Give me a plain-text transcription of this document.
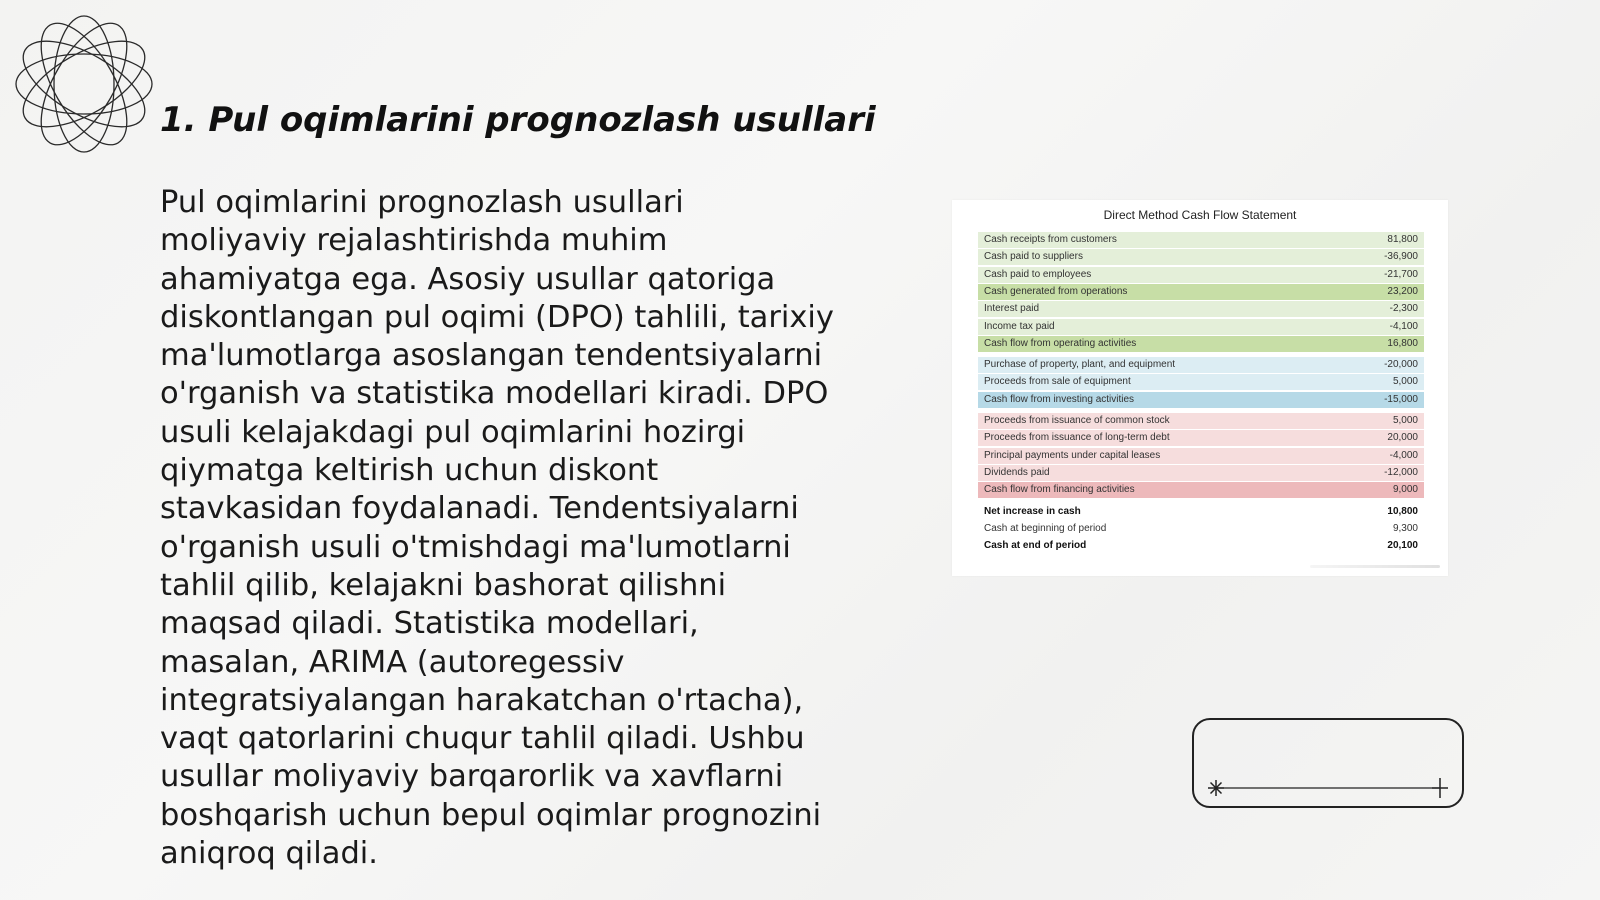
1. Pul oqimlarini prognozlash usullari

Pul oqimlarini prognozlash usullari moliyaviy rejalashtirishda muhim ahamiyatga ega. Asosiy usullar qatoriga diskontlangan pul oqimi (DPO) tahlili, tarixiy ma'lumotlarga asoslangan tendentsiyalarni o'rganish va statistika modellari kiradi. DPO usuli kelajakdagi pul oqimlarini hozirgi qiymatga keltirish uchun diskont stavkasidan foydalanadi. Tendentsiyalarni o'rganish usuli o'tmishdagi ma'lumotlarni tahlil qilib, kelajakni bashorat qilishni maqsad qiladi. Statistika modellari, masalan, ARIMA (autoregessiv integratsiyalangan harakatchan o'rtacha), vaqt qatorlarini chuqur tahlil qiladi. Ushbu usullar moliyaviy barqarorlik va xavflarni boshqarish uchun bepul oqimlar prognozini aniqroq qiladi.

Direct Method Cash Flow Statement
Cash receipts from customers	81,800
Cash paid to suppliers	-36,900
Cash paid to employees	-21,700
Cash generated from operations	23,200
Interest paid	-2,300
Income tax paid	-4,100
Cash flow from operating activities	16,800
Purchase of property, plant, and equipment	-20,000
Proceeds from sale of equipment	5,000
Cash flow from investing activities	-15,000
Proceeds from issuance of common stock	5,000
Proceeds from issuance of long-term debt	20,000
Principal payments under capital leases	-4,000
Dividends paid	-12,000
Cash flow from financing activities	9,000
Net increase in cash	10,800
Cash at beginning of period	9,300
Cash at end of period	20,100
